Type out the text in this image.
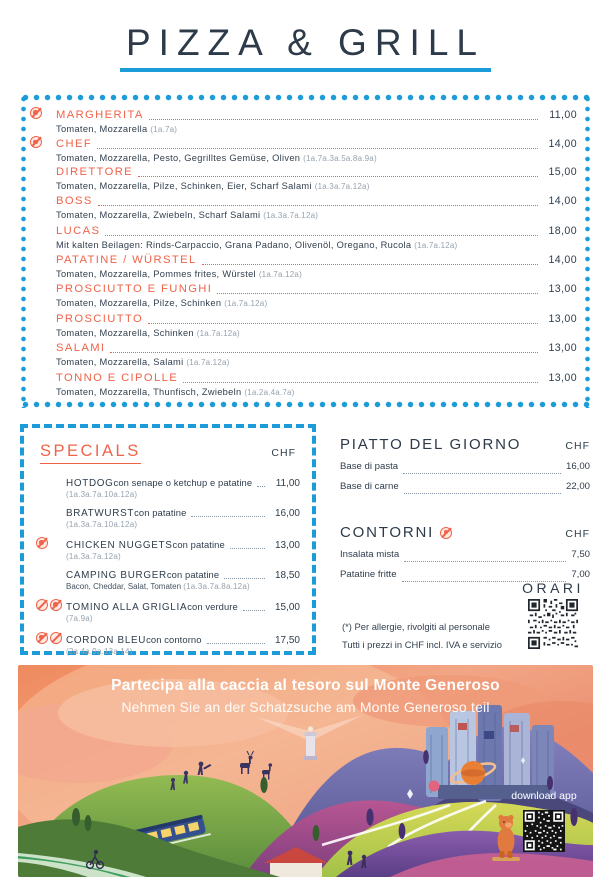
PIZZA & GRILL
MARGHERITA	11,00
Tomaten, Mozzarella (1a.7a)
CHEF	14,00
Tomaten, Mozzarella, Pesto, Gegrilltes Gemüse, Oliven (1a.7a.3a.5a.8a.9a)
DIRETTORE	15,00
Tomaten, Mozzarella, Pilze, Schinken, Eier, Scharf Salami (1a.3a.7a.12a)
BOSS	14,00
Tomaten, Mozzarella, Zwiebeln, Scharf Salami (1a.3a.7a.12a)
LUCAS	18,00
Mit kalten Beilagen: Rinds-Carpaccio, Grana Padano, Olivenöl, Oregano, Rucola (1a.7a.12a)
PATATINE / WÜRSTEL	14,00
Tomaten, Mozzarella, Pommes frites, Würstel (1a.7a.12a)
PROSCIUTTO E FUNGHI	13,00
Tomaten, Mozzarella, Pilze, Schinken (1a.7a.12a)
PROSCIUTTO	13,00
Tomaten, Mozzarella, Schinken (1a.7a.12a)
SALAMI	13,00
Tomaten, Mozzarella, Salami (1a.7a.12a)
TONNO E CIPOLLE	13,00
Tomaten, Mozzarella, Thunfisch, Zwiebeln (1a.2a.4a.7a)
SPECIALS	CHF
HOTDOG con senape o ketchup e patatine	11,00
(1a.3a.7a.10a.12a)
BRATWURST con patatine	16,00
(1a.3a.7a.10a.12a)
CHICKEN NUGGETS con patatine	13,00
(1a.3a.7a.12a)
CAMPING BURGER con patatine	18,50
Bacon, Cheddar, Salat, Tomaten (1a.3a.7a.8a.12a)
TOMINO ALLA GRIGLIA con verdure	15,00
(7a.9a)
CORDON BLEU con contorno	17,50
(2a.4a.9a.13a.14)
PIATTO DEL GIORNO	CHF
Base di pasta	16,00
Base di carne	22,00
CONTORNI	CHF
Insalata mista	7,50
Patatine fritte	7,00
ORARI
(*) Per allergie, rivolgiti al personale
Tutti i prezzi in CHF incl. IVA e servizio
Partecipa alla caccia al tesoro sul Monte Generoso
Nehmen Sie an der Schatzsuche am Monte Generoso teil
download app
